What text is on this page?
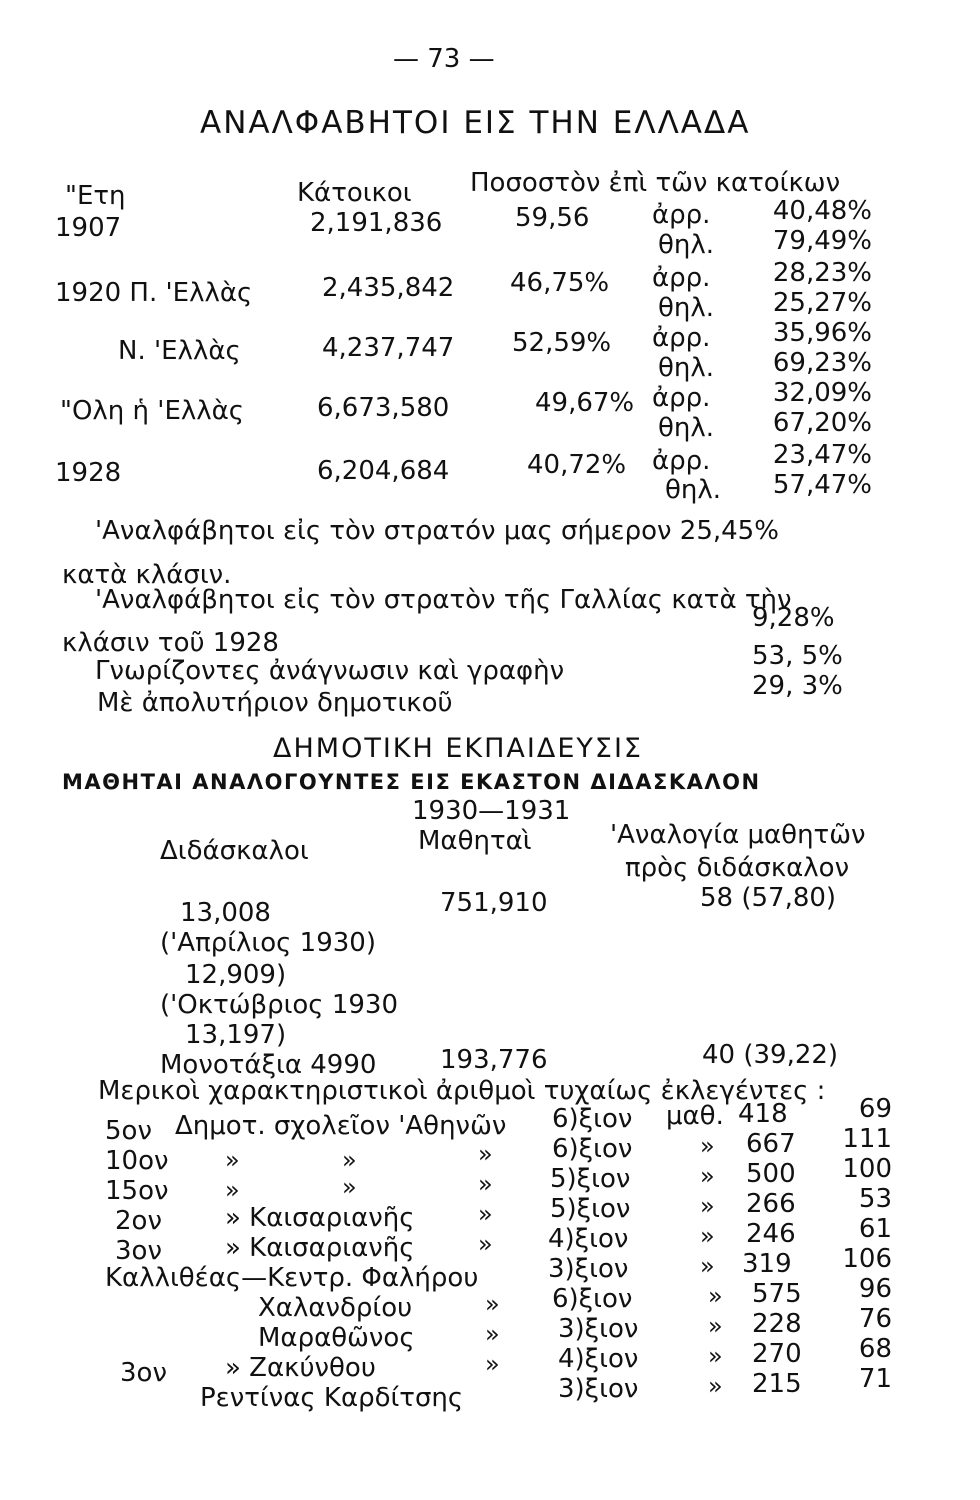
— 73 —
ΑΝΑΛΦΑΒΗΤΟΙ ΕΙΣ ΤΗΝ ΕΛΛΑΔΑ
"Ετη	Κάτοικοι Ποσοστὸν ἐπὶ τῶν κατοίκων
1907	2,191,836	59,56 ἀρρ.	40,48%
θηλ.	79,49%
1920 Π. 'Ελλὰς	2,435,842 46,75% ἀρρ.	28,23%
θηλ.	25,27%
Ν. 'Ελλὰς	4,237,747 52,59% ἀρρ.	35,96%
θηλ.	69,23%
"Ολη ἡ 'Ελλὰς	6,673,580	49,67% ἀρρ.	32,09%
θηλ.	67,20%
1928	6,204,684	40,72% ἀρρ.	23,47%
θηλ.	57,47%
'Αναλφάβητοι εἰς τὸν στρατόν μας σήμερον 25,45%
κατὰ κλάσιν.
'Αναλφάβητοι εἰς τὸν στρατὸν τῆς Γαλλίας κατὰ τὴν
9,28%
κλάσιν τοῦ 1928
Γνωρίζοντες ἀνάγνωσιν καὶ γραφὴν	53, 5%
Μὲ ἀπολυτήριον δημοτικοῦ
29, 3%
ΔΗΜΟΤΙΚΗ ΕΚΠΑΙΔΕΥΣΙΣ
ΜΑΘΗΤΑΙ ΑΝΑΛΟΓΟΥΝΤΕΣ ΕΙΣ ΕΚΑΣΤΟΝ ΔΙΔΑΣΚΑΛΟΝ
1930—1931
Διδάσκαλοι	Μαθηταὶ	'Αναλογία μαθητῶν
πρὸς διδάσκαλον
13,008	751,910	58 (57,80)
('Απρίλιος 1930)
12,909)
('Οκτώβριος 1930
13,197)
Μονοτάξια 4990 193,776	40 (39,22)
Μερικοὶ χαρακτηριστικοὶ ἀριθμοὶ τυχαίως ἐκλεγέντες :
5ον Δημοτ. σχολεῖον 'Αθηνῶν 6)ξιον μαθ. 418	69
10ον »	»	» 6)ξιον	» 667	111
15ον »	»	» 5)ξιον	» 500	100
2ον » Καισαριανῆς	» 5)ξιον	» 266	53
3ον » Καισαριανῆς	» 4)ξιον	» 246	61
Καλλιθέας—Κεντρ. Φαλήρου	3)ξιον	» 319	106
Χαλανδρίου	» 6)ξιον	» 575	96
Μαραθῶνος	» 3)ξιον	» 228	76
3ον » Ζακύνθου	» 4)ξιον	» 270	68
Ρεντίνας Καρδίτσης	3)ξιον	» 215	71
